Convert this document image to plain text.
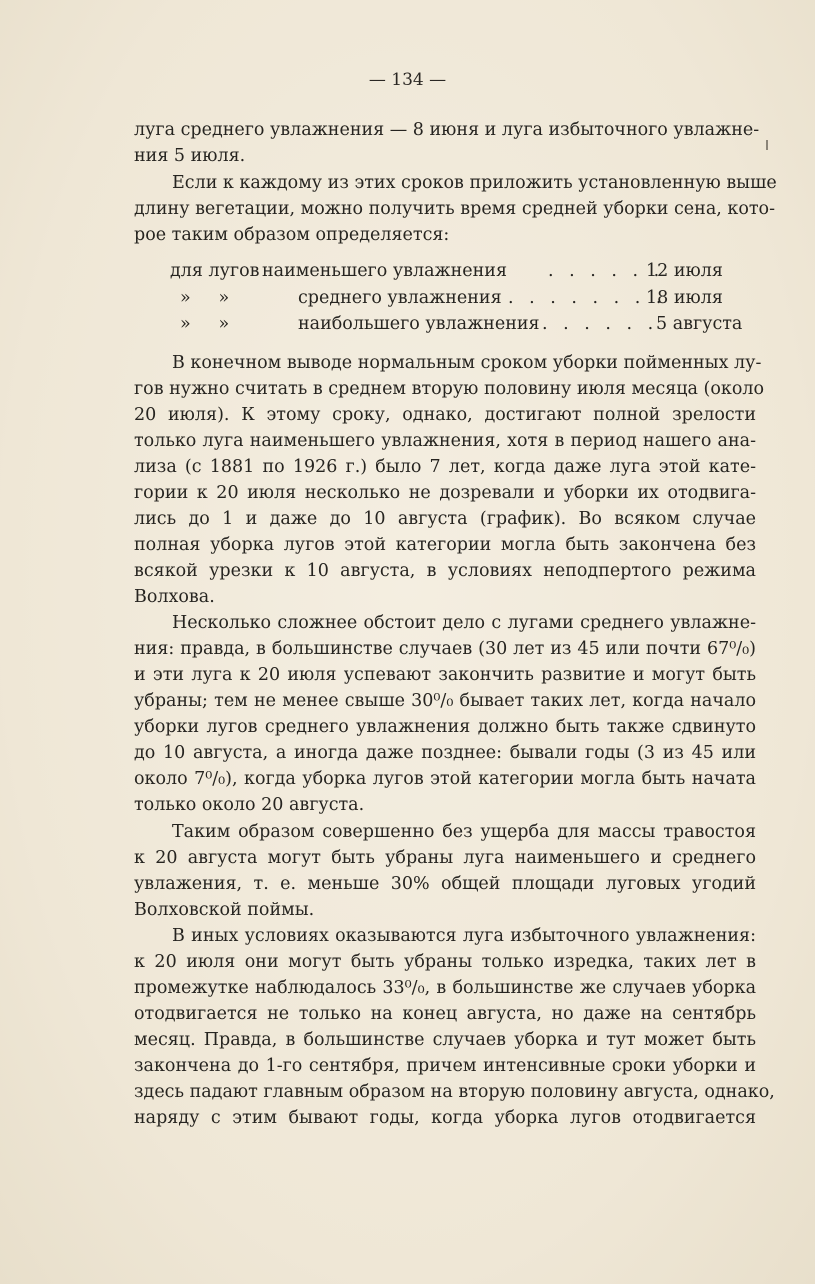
— 134 —
луга среднего увлажнения — 8 июня и луга избыточного увлажне-
ния 5 июля.
Если к каждому из этих сроков приложить установленную выше
длину вегетации, можно получить время средней уборки сена, кото-
рое таким образом определяется:
для лугов наименьшего увлажнения . . . . . .
12 июля
»     »	среднего увлажнения . . . . . . . .
18 июля
»     »	наибольшего увлажнения . . . . . .
5 августа
В конечном выводе нормальным сроком уборки пойменных лу-
гов нужно считать в среднем вторую половину июля месяца (около
20 июля). К этому сроку, однако, достигают полной зрелости
только луга наименьшего увлажнения, хотя в период нашего ана-
лиза (с 1881 по 1926 г.) было 7 лет, когда даже луга этой кате-
гории к 20 июля несколько не дозревали и уборки их отодвига-
лись до 1 и даже до 10 августа (график). Во всяком случае
полная уборка лугов этой категории могла быть закончена без
всякой урезки к 10 августа, в условиях неподпертого режима
Волхова.
Несколько сложнее обстоит дело с лугами среднего увлажне-
ния: правда, в большинстве случаев (30 лет из 45 или почти 67⁰/₀)
и эти луга к 20 июля успевают закончить развитие и могут быть
убраны; тем не менее свыше 30⁰/₀ бывает таких лет, когда начало
уборки лугов среднего увлажнения должно быть также сдвинуто
до 10 августа, а иногда даже позднее: бывали годы (3 из 45 или
около 7⁰/₀), когда уборка лугов этой категории могла быть начата
только около 20 августа.
Таким образом совершенно без ущерба для массы травостоя
к 20 августа могут быть убраны луга наименьшего и среднего
увлажения, т. е. меньше 30% общей площади луговых угодий
Волховской поймы.
В иных условиях оказываются луга избыточного увлажнения:
к 20 июля они могут быть убраны только изредка, таких лет в
промежутке наблюдалось 33⁰/₀, в большинстве же случаев уборка
отодвигается не только на конец августа, но даже на сентябрь
месяц. Правда, в большинстве случаев уборка и тут может быть
закончена до 1-го сентября, причем интенсивные сроки уборки и
здесь падают главным образом на вторую половину августа, однако,
наряду с этим бывают годы, когда уборка лугов отодвигается
